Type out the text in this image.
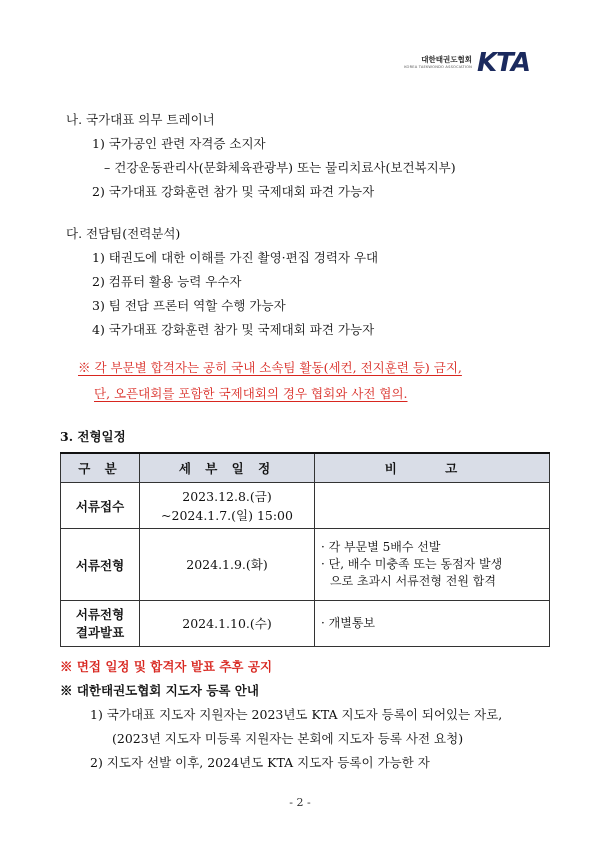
대한태권도협회
KOREA TAEKWONDO ASSOCIATION KTA
나. 국가대표 의무 트레이너
1) 국가공인 관련 자격증 소지자
– 건강운동관리사(문화체육관광부) 또는 물리치료사(보건복지부)
2) 국가대표 강화훈련 참가 및 국제대회 파견 가능자
다. 전담팀(전력분석)
1) 태권도에 대한 이해를 가진 촬영·편집 경력자 우대
2) 컴퓨터 활용 능력 우수자
3) 팀 전담 프론터 역할 수행 가능자
4) 국가대표 강화훈련 참가 및 국제대회 파견 가능자
※ 각 부문별 합격자는 공히 국내 소속팀 활동(세컨, 전지훈련 등) 금지,
단, 오픈대회를 포함한 국제대회의 경우 협회와 사전 협의.
3. 전형일정
구 분	세 부 일 정	비 고
서류접수	2023.12.8.(금)
~2024.1.7.(일) 15:00	

서류전형	2024.1.9.(화)	· 각 부문별 5배수 선발
· 단, 배수 미충족 또는 동점자 발생
으로 초과시 서류전형 전원 합격

서류전형
결과발표	2024.1.10.(수)	· 개별통보
※ 면접 일정 및 합격자 발표 추후 공지
※ 대한태권도협회 지도자 등록 안내
1) 국가대표 지도자 지원자는 2023년도 KTA 지도자 등록이 되어있는 자로,
(2023년 지도자 미등록 지원자는 본회에 지도자 등록 사전 요청)
2) 지도자 선발 이후, 2024년도 KTA 지도자 등록이 가능한 자
- 2 -
